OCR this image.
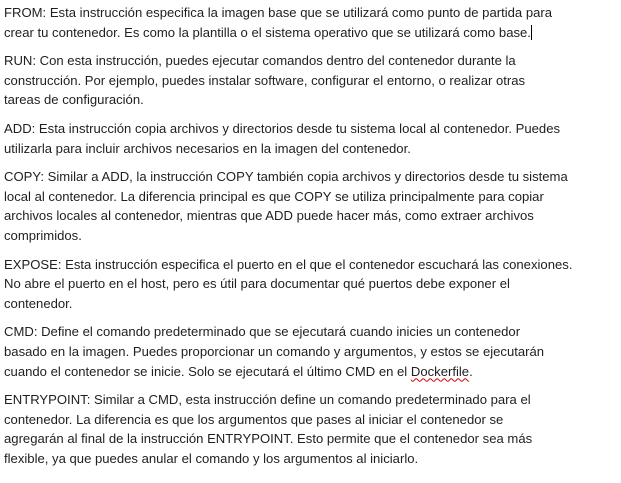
FROM: Esta instrucción especifica la imagen base que se utilizará como punto de partida para
crear tu contenedor. Es como la plantilla o el sistema operativo que se utilizará como base.

RUN: Con esta instrucción, puedes ejecutar comandos dentro del contenedor durante la
construcción. Por ejemplo, puedes instalar software, configurar el entorno, o realizar otras
tareas de configuración.

ADD: Esta instrucción copia archivos y directorios desde tu sistema local al contenedor. Puedes
utilizarla para incluir archivos necesarios en la imagen del contenedor.

COPY: Similar a ADD, la instrucción COPY también copia archivos y directorios desde tu sistema
local al contenedor. La diferencia principal es que COPY se utiliza principalmente para copiar
archivos locales al contenedor, mientras que ADD puede hacer más, como extraer archivos
comprimidos.

EXPOSE: Esta instrucción especifica el puerto en el que el contenedor escuchará las conexiones.
No abre el puerto en el host, pero es útil para documentar qué puertos debe exponer el
contenedor.

CMD: Define el comando predeterminado que se ejecutará cuando inicies un contenedor
basado en la imagen. Puedes proporcionar un comando y argumentos, y estos se ejecutarán
cuando el contenedor se inicie. Solo se ejecutará el último CMD en el Dockerfile.

ENTRYPOINT: Similar a CMD, esta instrucción define un comando predeterminado para el
contenedor. La diferencia es que los argumentos que pases al iniciar el contenedor se
agregarán al final de la instrucción ENTRYPOINT. Esto permite que el contenedor sea más
flexible, ya que puedes anular el comando y los argumentos al iniciarlo.
